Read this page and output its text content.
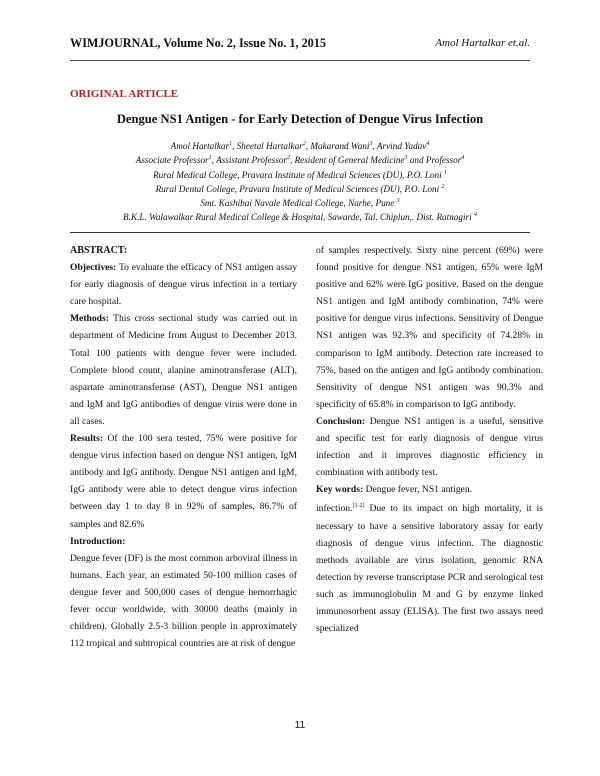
WIMJOURNAL, Volume No. 2, Issue No. 1, 2015	Amol Hartalkar et.al.
ORIGINAL ARTICLE
Dengue NS1 Antigen - for Early Detection of Dengue Virus Infection
Amol Hartalkar$^1$, Sheetal Hartalkar$^2$, Makarand Wani$^3$, Arvind Yadav$^4$
Associate Professor$^1$, Assistant Professor$^2$, Resident of General Medicine$^3$ and Professor$^4$
Rural Medical College, Pravara Institute of Medical Sciences (DU), P.O. Loni $^1$
Rural Dental College, Pravara Institute of Medical Sciences (DU), P.O. Loni $^2$
Smt. Kashibai Navale Medical College, Narhe, Pune $^3$
B.K.L. Walawalkar Rural Medical College & Hospital, Sawarde, Tal. Chiplun,. Dist. Ratnagiri $^4$

ABSTRACT:

Objectives: To evaluate the efficacy of NS1 antigen assay for early diagnosis of dengue virus infection in a tertiary care hospital.

Methods: This cross sectional study was carried out in department of Medicine from August to December 2013. Total 100 patients with dengue fever were included. Complete blood count, alanine aminotransferase (ALT), aspartate aminotransferase (AST), Dengue NS1 antigen and IgM and IgG antibodies of dengue virus were done in all cases.

Results: Of the 100 sera tested, 75% were positive for dengue virus infection based on dengue NS1 antigen, IgM antibody and IgG antibody. Dengue NS1 antigen and IgM, IgG antibody were able to detect dengue virus infection between day 1 to day 8 in 92% of samples, 86.7% of samples and 82.6%

Introduction:

Dengue fever (DF) is the most common arboviral illness in humans. Each year, an estimated 50-100 million cases of dengue fever and 500,000 cases of dengue hemorrhagic fever occur worldwide, with 30000 deaths (mainly in children). Globally 2.5-3 billion people in approximately 112 tropical and subtropical countries are at risk of dengue

of samples respectively. Sixty nine percent (69%) were found positive for dengue NS1 antigen, 65% were IgM positive and 62% were IgG positive. Based on the dengue NS1 antigen and IgM antibody combination, 74% were positive for dengue virus infections. Sensitivity of Dengue NS1 antigen was 92.3% and specificity of 74.28% in comparison to IgM antibody. Detection rate increased to 75%, based on the antigen and IgG antibody combination. Sensitivity of dengue NS1 antigen was 90.3% and specificity of 65.8% in comparison to IgG antibody.

Conclusion: Dengue NS1 antigen is a useful, sensitive and specific test for early diagnosis of dengue virus infection and it improves diagnostic efficiency in combination with antibody test.

Key words: Dengue fever, NS1 antigen.

infection.[1-2] Due to its impact on high mortality, it is necessary to have a sensitive laboratory assay for early diagnosis of dengue virus infection. The diagnostic methods available are virus isolation, genomic RNA detection by reverse transcriptase PCR and serological test such as immunoglobulin M and G by enzyme linked immunosorbent assay (ELISA). The first two assays need specialized

11
